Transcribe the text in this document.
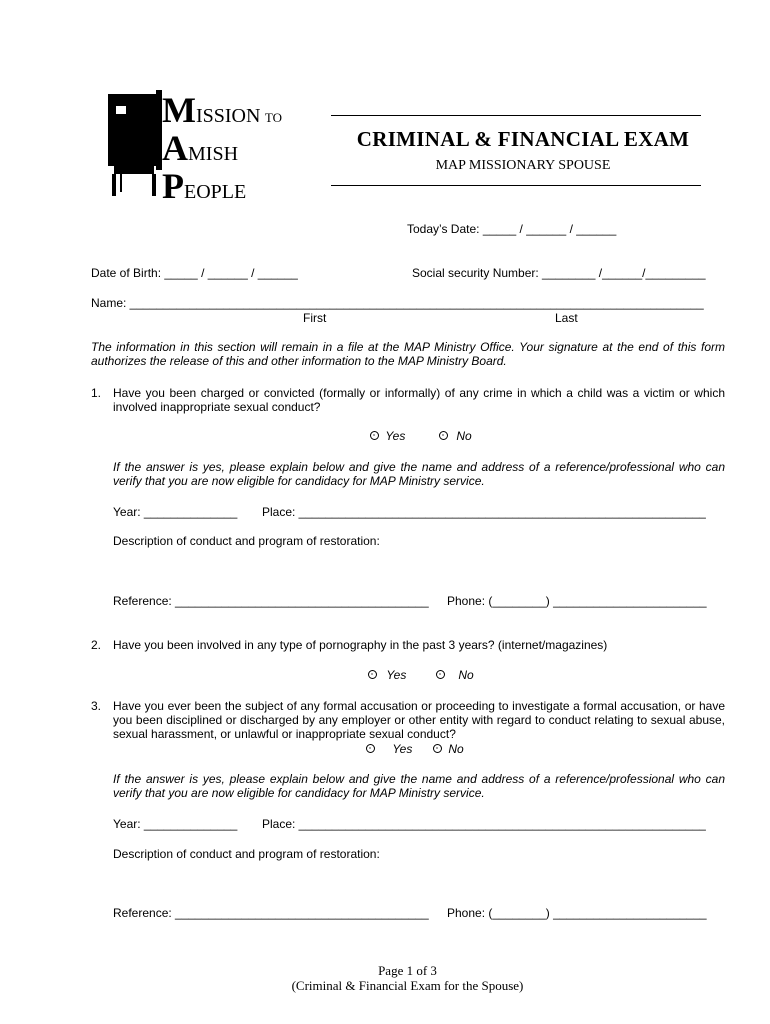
MISSION TO
AMISH
PEOPLE
CRIMINAL & FINANCIAL EXAM
MAP MISSIONARY SPOUSE
Today’s Date: _____ / ______ / ______
Date of Birth: _____ / ______ / ______	Social security Number: ________ /______/_________
Name: ______________________________________________________________________________________
First	Last
The information in this section will remain in a file at the MAP Ministry Office. Your signature at the end of this form authorizes the release of this and other information to the MAP Ministry Board.
1. Have you been charged or convicted (formally or informally) of any crime in which a child was a victim or which involved inappropriate sexual conduct?
Yes	No
If the answer is yes, please explain below and give the name and address of a reference/professional who can verify that you are now eligible for candidacy for MAP Ministry service.
Year: ______________ Place: _____________________________________________________________
Description of conduct and program of restoration:
Reference: ______________________________________ Phone: (________) _______________________
2. Have you been involved in any type of pornography in the past 3 years? (internet/magazines)
Yes	No
3. Have you ever been the subject of any formal accusation or proceeding to investigate a formal accusation, or have you been disciplined or discharged by any employer or other entity with regard to conduct relating to sexual abuse, sexual harassment, or unlawful or inappropriate sexual conduct?
Yes	No
If the answer is yes, please explain below and give the name and address of a reference/professional who can verify that you are now eligible for candidacy for MAP Ministry service.
Year: ______________ Place: _____________________________________________________________
Description of conduct and program of restoration:
Reference: ______________________________________ Phone: (________) _______________________
Page 1 of 3
(Criminal & Financial Exam for the Spouse)
